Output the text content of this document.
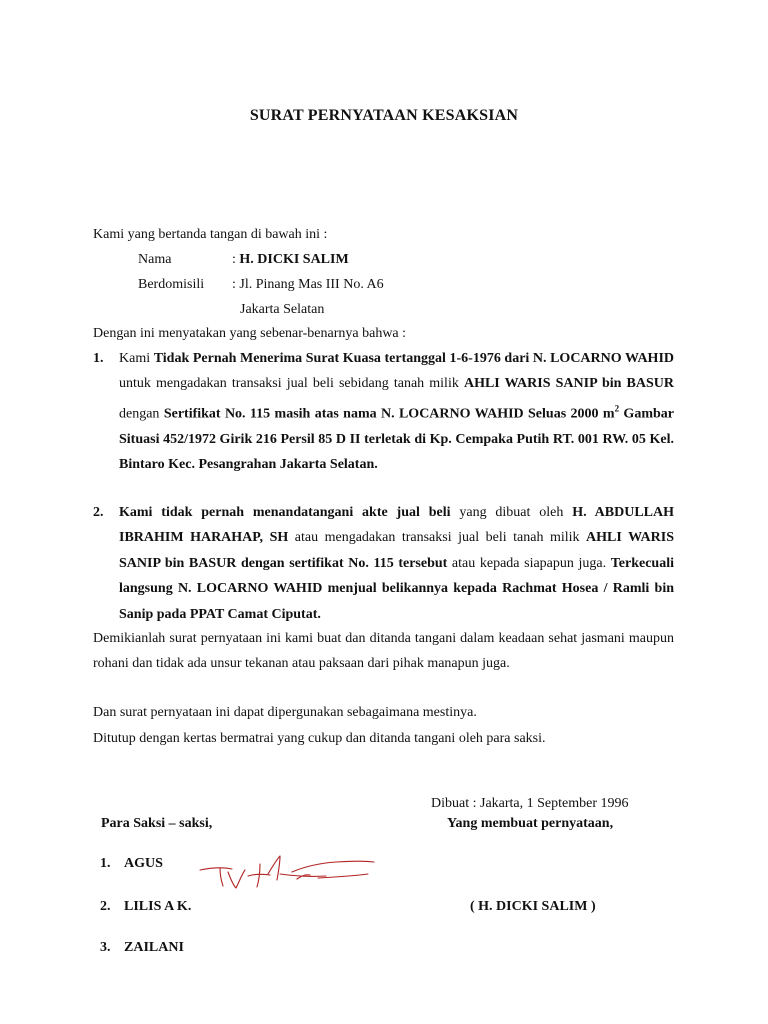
SURAT PERNYATAAN KESAKSIAN
Kami yang bertanda tangan di bawah ini :
Nama	: H. DICKI SALIM
Berdomisili : Jl. Pinang Mas III No. A6
Jakarta Selatan
Dengan ini menyatakan yang sebenar-benarnya bahwa :
1. Kami Tidak Pernah Menerima Surat Kuasa tertanggal 1-6-1976 dari N. LOCARNO WAHID untuk mengadakan transaksi jual beli sebidang tanah milik AHLI WARIS SANIP bin BASUR dengan Sertifikat No. 115 masih atas nama N. LOCARNO WAHID Seluas 2000 $m^2$ Gambar Situasi 452/1972 Girik 216 Persil 85 D II terletak di Kp. Cempaka Putih RT. 001 RW. 05 Kel. Bintaro Kec. Pesangrahan Jakarta Selatan.
2. Kami tidak pernah menandatangani akte jual beli yang dibuat oleh H. ABDULLAH IBRAHIM HARAHAP, SH atau mengadakan transaksi jual beli tanah milik AHLI WARIS SANIP bin BASUR dengan sertifikat No. 115 tersebut atau kepada siapapun juga. Terkecuali langsung N. LOCARNO WAHID menjual belikannya kepada Rachmat Hosea / Ramli bin Sanip pada PPAT Camat Ciputat.
Demikianlah surat pernyataan ini kami buat dan ditanda tangani dalam keadaan sehat jasmani maupun rohani dan tidak ada unsur tekanan atau paksaan dari pihak manapun juga.
Dan surat pernyataan ini dapat dipergunakan sebagaimana mestinya.
Ditutup dengan kertas bermatrai yang cukup dan ditanda tangani oleh para saksi.
Dibuat : Jakarta, 1 September 1996
Para Saksi – saksi,	Yang membuat pernyataan,
1. AGUS
2. LILIS A K.
3. ZAILANI
( H. DICKI SALIM )
